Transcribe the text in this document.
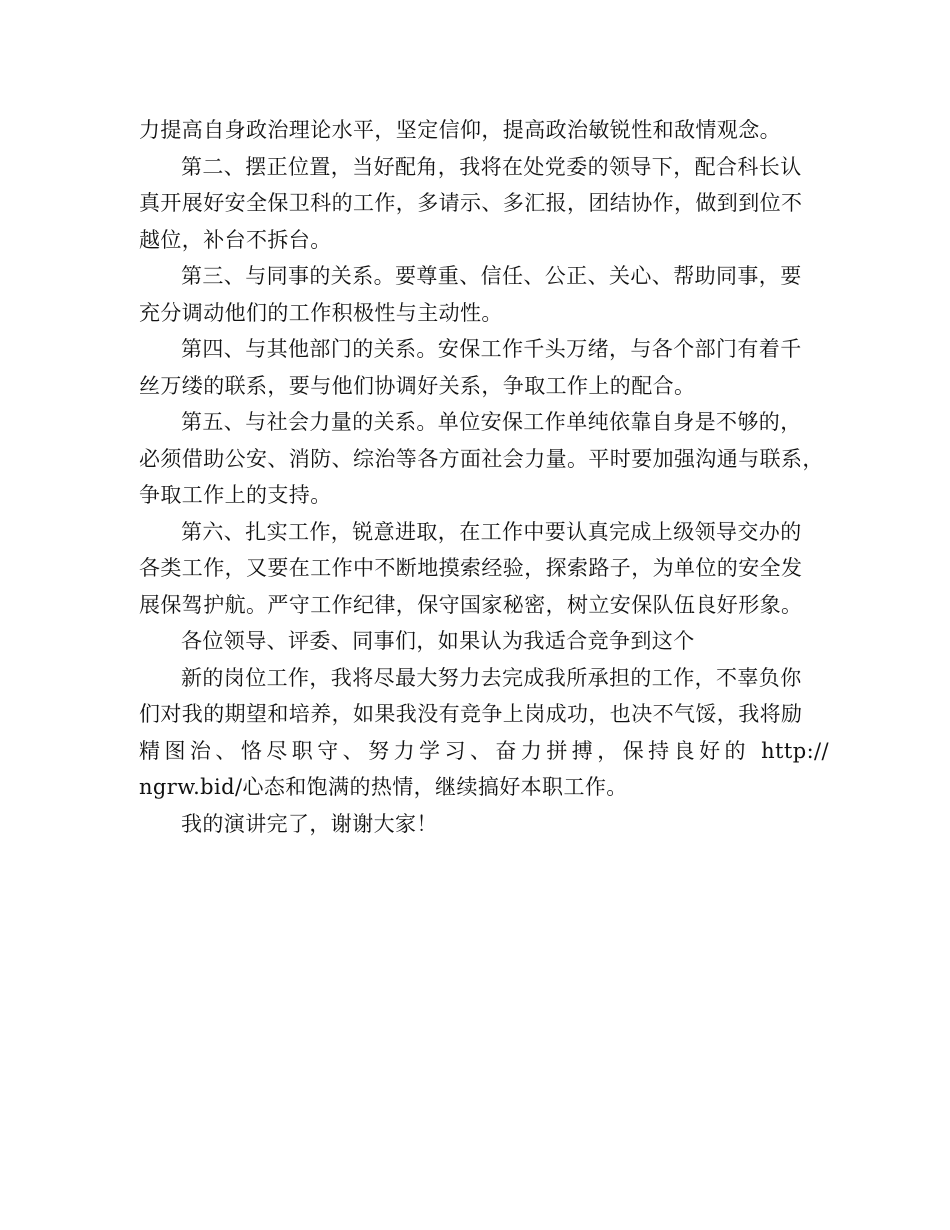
力提高自身政治理论水平，坚定信仰，提高政治敏锐性和敌情观念。
第二、摆正位置，当好配角，我将在处党委的领导下，配合科长认
真开展好安全保卫科的工作，多请示、多汇报，团结协作，做到到位不
越位，补台不拆台。
第三、与同事的关系。要尊重、信任、公正、关心、帮助同事，要
充分调动他们的工作积极性与主动性。
第四、与其他部门的关系。安保工作千头万绪，与各个部门有着千
丝万缕的联系，要与他们协调好关系，争取工作上的配合。
第五、与社会力量的关系。单位安保工作单纯依靠自身是不够的，
必须借助公安、消防、综治等各方面社会力量。平时要加强沟通与联系，
争取工作上的支持。
第六、扎实工作，锐意进取，在工作中要认真完成上级领导交办的
各类工作，又要在工作中不断地摸索经验，探索路子，为单位的安全发
展保驾护航。严守工作纪律，保守国家秘密，树立安保队伍良好形象。
各位领导、评委、同事们，如果认为我适合竞争到这个
新的岗位工作，我将尽最大努力去完成我所承担的工作，不辜负你
们对我的期望和培养，如果我没有竞争上岗成功，也决不气馁，我将励
精图治、恪尽职守、努力学习、奋力拼搏，保持良好的 http://
ngrw.bid/心态和饱满的热情，继续搞好本职工作。
我的演讲完了，谢谢大家！
